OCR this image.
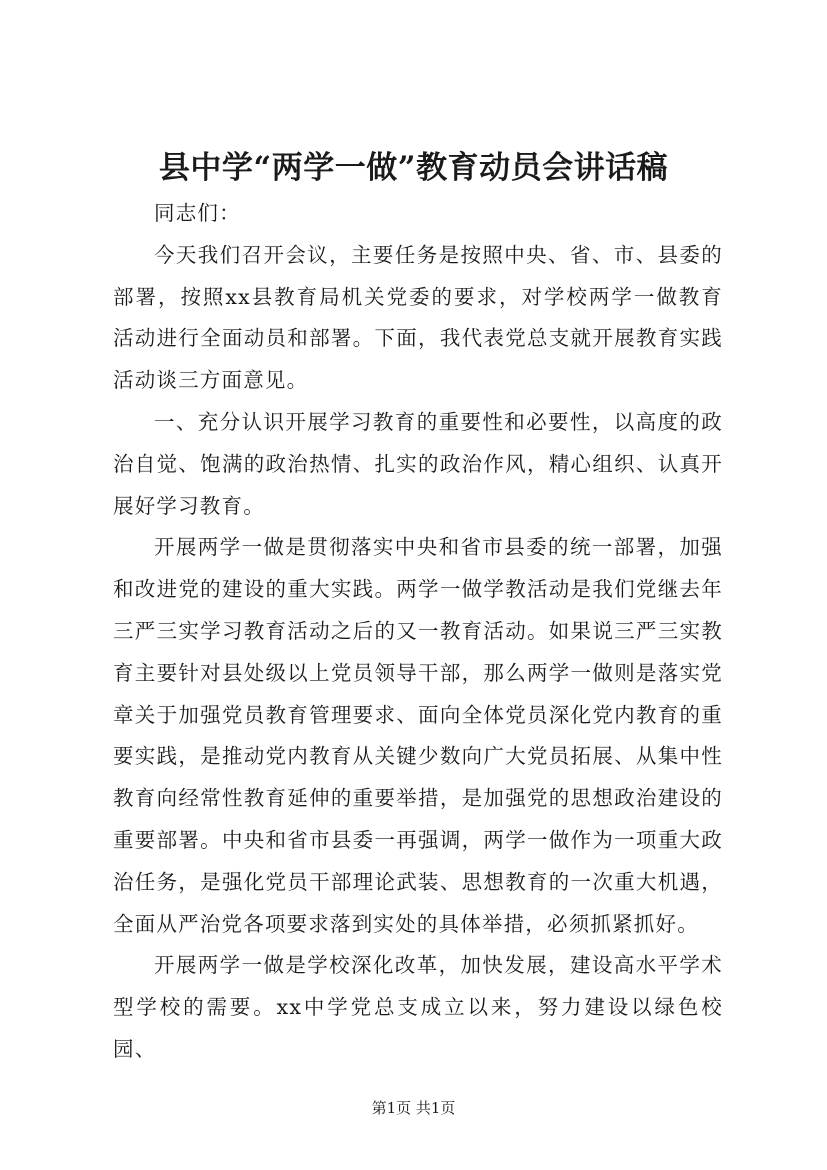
县中学“两学一做”教育动员会讲话稿

同志们：

今天我们召开会议，主要任务是按照中央、省、市、县委的部署，按照xx县教育局机关党委的要求，对学校两学一做教育活动进行全面动员和部署。下面，我代表党总支就开展教育实践活动谈三方面意见。

一、充分认识开展学习教育的重要性和必要性，以高度的政治自觉、饱满的政治热情、扎实的政治作风，精心组织、认真开展好学习教育。

开展两学一做是贯彻落实中央和省市县委的统一部署，加强和改进党的建设的重大实践。两学一做学教活动是我们党继去年三严三实学习教育活动之后的又一教育活动。如果说三严三实教育主要针对县处级以上党员领导干部，那么两学一做则是落实党章关于加强党员教育管理要求、面向全体党员深化党内教育的重要实践，是推动党内教育从关键少数向广大党员拓展、从集中性教育向经常性教育延伸的重要举措，是加强党的思想政治建设的重要部署。中央和省市县委一再强调，两学一做作为一项重大政治任务，是强化党员干部理论武装、思想教育的一次重大机遇，全面从严治党各项要求落到实处的具体举措，必须抓紧抓好。

开展两学一做是学校深化改革，加快发展，建设高水平学术型学校的需要。xx中学党总支成立以来，努力建设以绿色校园、

第1页 共1页
